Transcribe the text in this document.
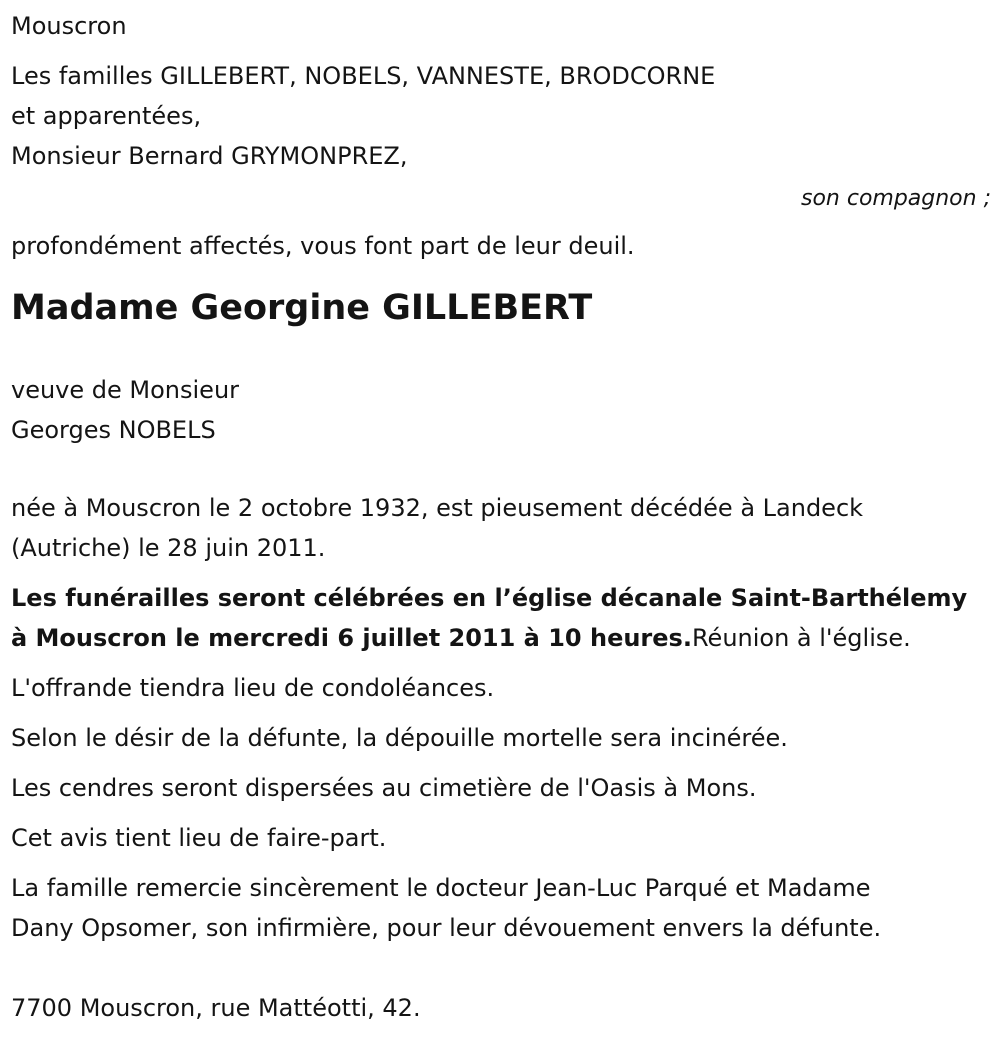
Mouscron
Les familles GILLEBERT, NOBELS, VANNESTE, BRODCORNE
et apparentées,
Monsieur Bernard GRYMONPREZ,
son compagnon ;
profondément affectés, vous font part de leur deuil.
Madame Georgine GILLEBERT
veuve de Monsieur
Georges NOBELS
née à Mouscron le 2 octobre 1932, est pieusement décédée à Landeck
(Autriche) le 28 juin 2011.
Les funérailles seront célébrées en l’église décanale Saint-Barthélemy
à Mouscron le mercredi 6 juillet 2011 à 10 heures.Réunion à l'église.
L'offrande tiendra lieu de condoléances.
Selon le désir de la défunte, la dépouille mortelle sera incinérée.
Les cendres seront dispersées au cimetière de l'Oasis à Mons.
Cet avis tient lieu de faire-part.
La famille remercie sincèrement le docteur Jean-Luc Parqué et Madame
Dany Opsomer, son infirmière, pour leur dévouement envers la défunte.
7700 Mouscron, rue Mattéotti, 42.
